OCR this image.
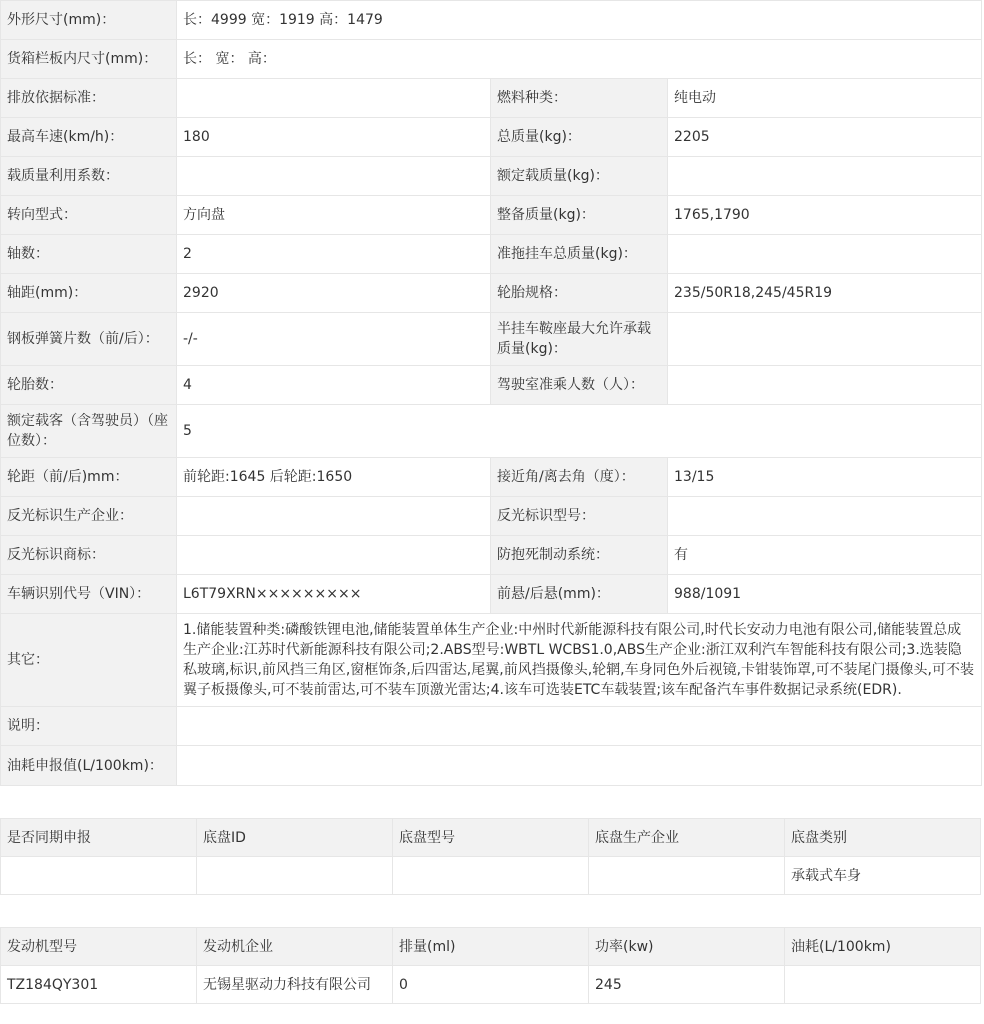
外形尺寸(mm)：	长：4999 宽：1919 高：1479		
货箱栏板内尺寸(mm)：	长： 宽： 高：		
排放依据标准：		燃料种类：	纯电动
最高车速(km/h)：	180	总质量(kg)：	2205
载质量利用系数：		额定载质量(kg)：	
转向型式：	方向盘	整备质量(kg)：	1765,1790
轴数：	2	准拖挂车总质量(kg)：	
轴距(mm)：	2920	轮胎规格：	235/50R18,245/45R19
钢板弹簧片数（前/后）：	-/-	半挂车鞍座最大允许承载质量(kg)：	
轮胎数：	4	驾驶室准乘人数（人）：	
额定载客（含驾驶员）（座位数）：	5		
轮距（前/后)mm：	前轮距:1645 后轮距:1650	接近角/离去角（度）：	13/15
反光标识生产企业：		反光标识型号：	
反光标识商标：		防抱死制动系统：	有
车辆识别代号（VIN）：	L6T79XRN×××××××××	前悬/后悬(mm)：	988/1091
其它：	1.储能装置种类:磷酸铁锂电池,储能装置单体生产企业:中州时代新能源科技有限公司,时代长安动力电池有限公司,储能装置总成生产企业:江苏时代新能源科技有限公司;2.ABS型号:WBTL WCBS1.0,ABS生产企业:浙江双利汽车智能科技有限公司;3.选装隐私玻璃,标识,前风挡三角区,窗框饰条,后四雷达,尾翼,前风挡摄像头,轮辋,车身同色外后视镜,卡钳装饰罩,可不装尾门摄像头,可不装翼子板摄像头,可不装前雷达,可不装车顶激光雷达;4.该车可选装ETC车载装置;该车配备汽车事件数据记录系统(EDR).		
说明：			
油耗申报值(L/100km)：			
是否同期申报	底盘ID	底盘型号	底盘生产企业	底盘类别
				承载式车身
发动机型号	发动机企业	排量(ml)	功率(kw)	油耗(L/100km)
TZ184QY301	无锡星驱动力科技有限公司	0	245	
